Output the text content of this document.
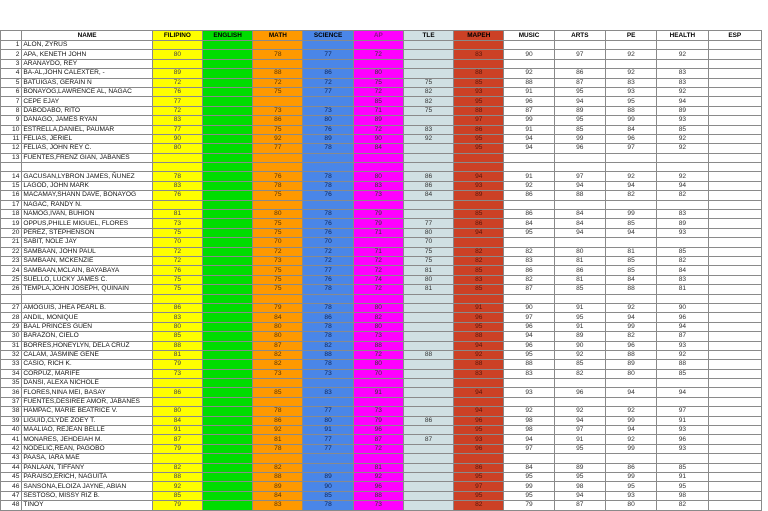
	NAME	FILIPINO	ENGLISH	MATH	SCIENCE	AP	TLE	MAPEH	MUSIC	ARTS	PE	HEALTH	ESP
1	ALON, ZYRUS												
2	APA, KENETH JOHN	80		78	77	72		83	90	97	92	92	
3	ARANAYDO, REY												
4	BA-AL,JOHN CALEXTER, -	89		88	86	80		88	92	86	92	83	
5	BATUIGAS, GERAIN N	72		72	72	75	75	85	88	87	83	83	
6	BONAYOG,LAWRENCE AL, NAGAC	76		75	77	72	82	93	91	95	93	92	
7	CEPE EJAY	77				85	82	95	96	94	95	94	
8	DABODABO, RITO	72		73	73	71	75	88	87	89	88	89	
9	DANAGO, JAMES RYAN	83		86	80	89		97	99	95	99	93	
10	ESTRELLA,DANIEL, PAUMAR	77		75	76	72	83	86	91	85	84	85	
11	FELIAS, JERIEL	90		92	89	90	92	95	94	99	96	92	
12	FELIAS, JOHN REY C.	80		77	78	84		95	94	96	97	92	
13	FUENTES,FRENZ GIAN, JABANES												

14	GACUSAN,LYBRON JAMES, ÑUNEZ	78		76	78	80	86	94	91	97	92	92	
15	LAGOD, JOHN MARK	83		78	78	83	86	93	92	94	94	94	
16	MACAMAY,SHANN DAVE, BONAYOG	76		75	76	73	84	89	86	88	82	82	
17	NAGAC, RANDY N.												
18	NAMOG,IVAN, BUHION	81		80	78	79		85	86	84	99	83	
19	OPPUS,PHILLE MIGUEL, FLORES	73		75	76	79	77	86	84	84	85	89	
20	PEREZ, STEPHENSON	75		75	76	71	80	94	95	94	94	93	
21	SABIT, NOLE JAY	70		70	70		70						
22	SAMBAAN, JOHN PAUL	72		72	72	71	75	82	82	80	81	85	
23	SAMBAAN, MCKENZIE	72		73	72	72	75	82	83	81	85	82	
24	SAMBAAN,MCLAIN, BAYABAYA	76		75	77	72	81	85	86	86	85	84	
25	SUELLO, LUCKY JAMES C.	75		75	76	74	80	83	82	81	84	83	
26	TEMPLA,JOHN JOSEPH, QUINAIN	75		75	78	72	81	85	87	85	88	81	

27	AMOGUIS, JHEA PEARL B.	86		79	78	80		91	90	91	92	90	
28	ANDIL, MONIQUE	83		84	86	82		96	97	95	94	96	
29	BAAL PRINCES GUEN	80		80	78	80		95	96	91	99	94	
30	BARAZON, CIELO	85		80	78	73		88	94	89	82	87	
31	BORRES,HONEYLYN, DELA CRUZ	88		87	82	88		94	96	90	96	93	
32	CALAM, JASMINE GENE	81		82	88	72	88	92	95	92	88	92	
33	CASIO, RICH K.	79		82	78	80		88	88	85	89	88	
34	CORPUZ, MARIFE	73		73	73	70		83	83	82	80	85	
35	DANSI, ALEXA NICHOLE												
36	FLORES,NINA MEI, BASAY	86		85	83	91		94	93	96	94	94	
37	FUENTES,DESIREE AMOR, JABANES												
38	HAMPAC, MARIE BEATRICE V.	80		78	77	73		94	92	92	92	97	
39	LIGUID,CLYDE ZOEY T.	84		86	80	79	86	96	98	94	99	91	
40	MAALIAO, REJEAN BELLE	91		92	91	96		95	98	97	94	93	
41	MONARES, JEHDEIAH M.	87		81	77	87	87	93	94	91	92	96	
42	NODELIC,REAN, PAGOBO	79		78	77	72		96	97	95	99	93	
43	PAASA, IARA MAE												
44	PANLAAN, TIFFANY	82		82		81		86	84	89	86	85	
45	PARAISO,ERICH, NAGUITA	88		88	89	92		95	95	95	99	91	
46	SANSONA,ELOIZA JAYNE, ABIAN	92		89	90	96		97	99	98	95	95	
47	SESTOSO, MISSY RIZ B.	85		84	85	88		95	95	94	93	98	
48	TINOY	79		83	78	73		82	79	87	80	82	
